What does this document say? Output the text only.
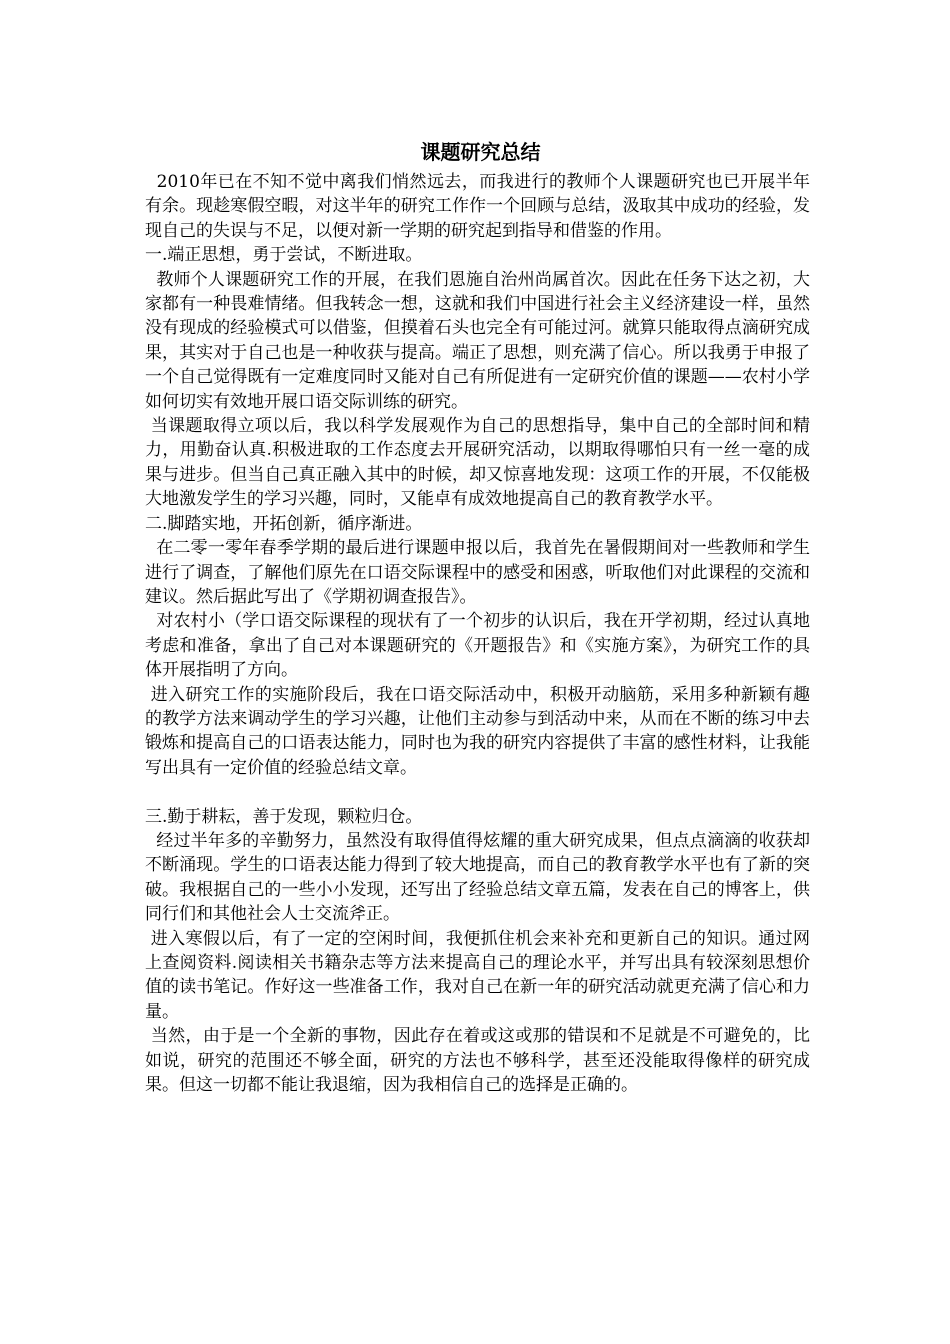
课题研究总结

2010年已在不知不觉中离我们悄然远去，而我进行的教师个人课题研究也已开展半年有余。现趁寒假空暇，对这半年的研究工作作一个回顾与总结，汲取其中成功的经验，发现自己的失误与不足，以便对新一学期的研究起到指导和借鉴的作用。

一.端正思想，勇于尝试，不断进取。

教师个人课题研究工作的开展，在我们恩施自治州尚属首次。因此在任务下达之初，大家都有一种畏难情绪。但我转念一想，这就和我们中国进行社会主义经济建设一样，虽然没有现成的经验模式可以借鉴，但摸着石头也完全有可能过河。就算只能取得点滴研究成果，其实对于自己也是一种收获与提高。端正了思想，则充满了信心。所以我勇于申报了一个自己觉得既有一定难度同时又能对自己有所促进有一定研究价值的课题——农村小学如何切实有效地开展口语交际训练的研究。

当课题取得立项以后，我以科学发展观作为自己的思想指导，集中自己的全部时间和精力，用勤奋认真.积极进取的工作态度去开展研究活动，以期取得哪怕只有一丝一毫的成果与进步。但当自己真正融入其中的时候，却又惊喜地发现：这项工作的开展，不仅能极大地激发学生的学习兴趣，同时，又能卓有成效地提高自己的教育教学水平。

二.脚踏实地，开拓创新，循序渐进。

在二零一零年春季学期的最后进行课题申报以后，我首先在暑假期间对一些教师和学生进行了调查，了解他们原先在口语交际课程中的感受和困惑，听取他们对此课程的交流和建议。然后据此写出了《学期初调查报告》。

对农村小（学口语交际课程的现状有了一个初步的认识后，我在开学初期，经过认真地考虑和准备，拿出了自己对本课题研究的《开题报告》和《实施方案》，为研究工作的具体开展指明了方向。

进入研究工作的实施阶段后，我在口语交际活动中，积极开动脑筋，采用多种新颖有趣的教学方法来调动学生的学习兴趣，让他们主动参与到活动中来，从而在不断的练习中去锻炼和提高自己的口语表达能力，同时也为我的研究内容提供了丰富的感性材料，让我能写出具有一定价值的经验总结文章。

三.勤于耕耘，善于发现，颗粒归仓。

经过半年多的辛勤努力，虽然没有取得值得炫耀的重大研究成果，但点点滴滴的收获却不断涌现。学生的口语表达能力得到了较大地提高，而自己的教育教学水平也有了新的突破。我根据自己的一些小小发现，还写出了经验总结文章五篇，发表在自己的博客上，供同行们和其他社会人士交流斧正。

进入寒假以后，有了一定的空闲时间，我便抓住机会来补充和更新自己的知识。通过网上查阅资料.阅读相关书籍杂志等方法来提高自己的理论水平，并写出具有较深刻思想价值的读书笔记。作好这一些准备工作，我对自己在新一年的研究活动就更充满了信心和力量。

当然，由于是一个全新的事物，因此存在着或这或那的错误和不足就是不可避免的，比如说，研究的范围还不够全面，研究的方法也不够科学，甚至还没能取得像样的研究成果。但这一切都不能让我退缩，因为我相信自己的选择是正确的。
